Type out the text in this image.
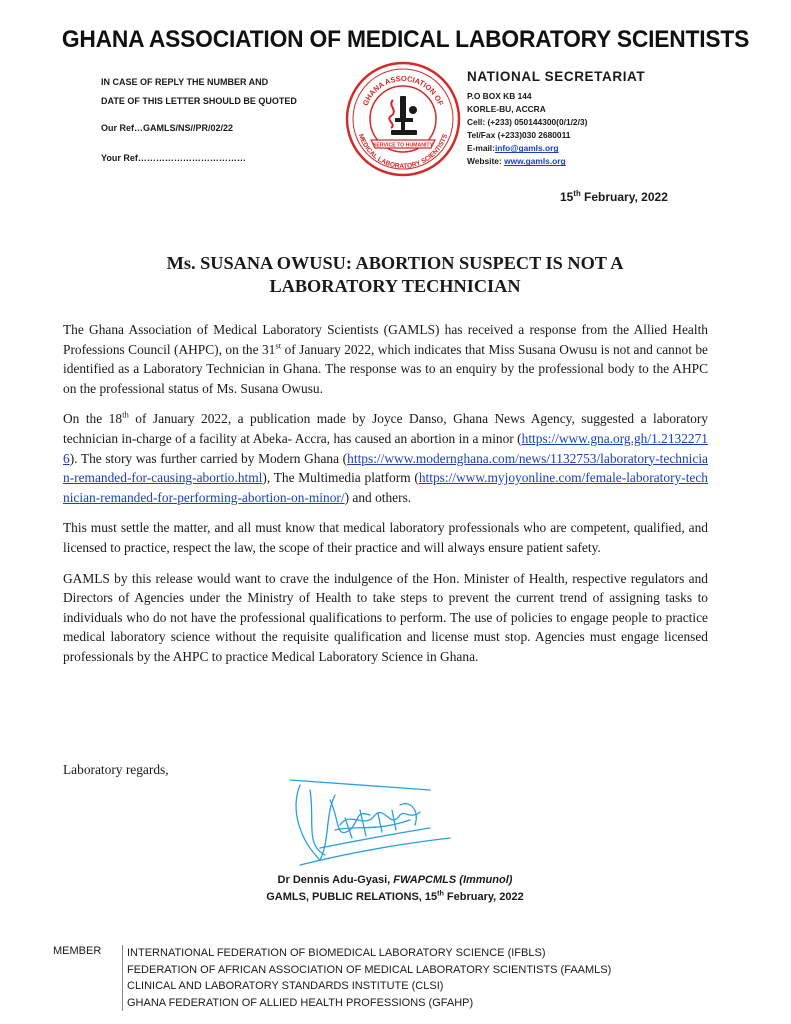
GHANA ASSOCIATION OF MEDICAL LABORATORY SCIENTISTS
IN CASE OF REPLY THE NUMBER AND
DATE OF THIS LETTER SHOULD BE QUOTED
Our Ref…GAMLS/NS//PR/02/22
Your Ref………………………………
GHANA ASSOCIATION OF
MEDICAL LABORATORY SCIENTISTS
SERVICE TO HUMANITY
NATIONAL SECRETARIAT
P.O BOX KB 144
KORLE-BU, ACCRA
Cell: (+233) 050144300(0/1/2/3)
Tel/Fax (+233)030 2680011
E-mail:info@gamls.org
Website: www.gamls.org
15th February, 2022
Ms. SUSANA OWUSU: ABORTION SUSPECT IS NOT A
LABORATORY TECHNICIAN

The Ghana Association of Medical Laboratory Scientists (GAMLS) has received a response from the Allied Health Professions Council (AHPC), on the 31st of January 2022, which indicates that Miss Susana Owusu is not and cannot be identified as a Laboratory Technician in Ghana. The response was to an enquiry by the professional body to the AHPC on the professional status of Ms. Susana Owusu.

On the 18th of January 2022, a publication made by Joyce Danso, Ghana News Agency, suggested a laboratory technician in-charge of a facility at Abeka- Accra, has caused an abortion in a minor (https://www.gna.org.gh/1.21322716). The story was further carried by Modern Ghana (https://www.modernghana.com/news/1132753/laboratory-technician-remanded-for-causing-abortio.html), The Multimedia platform (https://www.myjoyonline.com/female-laboratory-technician-remanded-for-performing-abortion-on-minor/) and others.

This must settle the matter, and all must know that medical laboratory professionals who are competent, qualified, and licensed to practice, respect the law, the scope of their practice and will always ensure patient safety.

GAMLS by this release would want to crave the indulgence of the Hon. Minister of Health, respective regulators and Directors of Agencies under the Ministry of Health to take steps to prevent the current trend of assigning tasks to individuals who do not have the professional qualifications to perform. The use of policies to engage people to practice medical laboratory science without the requisite qualification and license must stop. Agencies must engage licensed professionals by the AHPC to practice Medical Laboratory Science in Ghana.

Laboratory regards,
Dr Dennis Adu-Gyasi, FWAPCMLS (Immunol)
GAMLS, PUBLIC RELATIONS, 15th February, 2022
MEMBER INTERNATIONAL FEDERATION OF BIOMEDICAL LABORATORY SCIENCE (IFBLS)
FEDERATION OF AFRICAN ASSOCIATION OF MEDICAL LABORATORY SCIENTISTS (FAAMLS)
CLINICAL AND LABORATORY STANDARDS INSTITUTE (CLSI)
GHANA FEDERATION OF ALLIED HEALTH PROFESSIONS (GFAHP)
